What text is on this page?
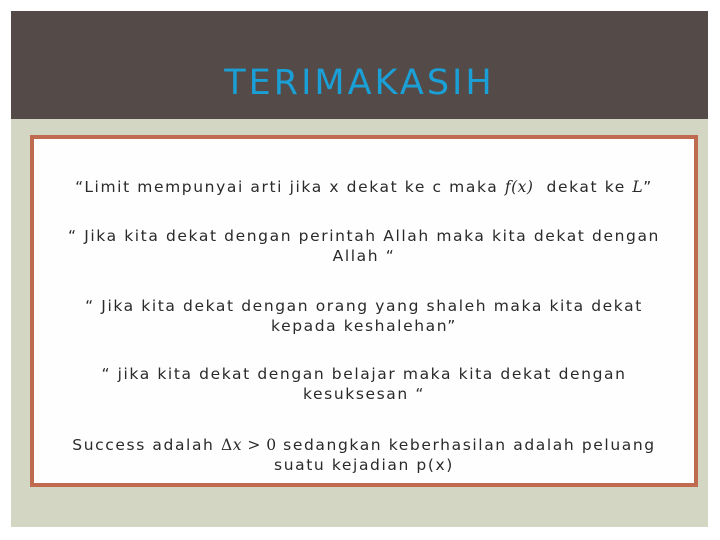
TERIMAKASIH
“Limit mempunyai arti jika x dekat ke c maka f(x)  dekat ke L”
“ Jika kita dekat dengan perintah Allah maka kita dekat dengan
Allah “
“ Jika kita dekat dengan orang yang shaleh maka kita dekat
kepada keshalehan”
“ jika kita dekat dengan belajar maka kita dekat dengan
kesuksesan “
Success adalah Δx > 0 sedangkan keberhasilan adalah peluang
suatu kejadian p(x)
